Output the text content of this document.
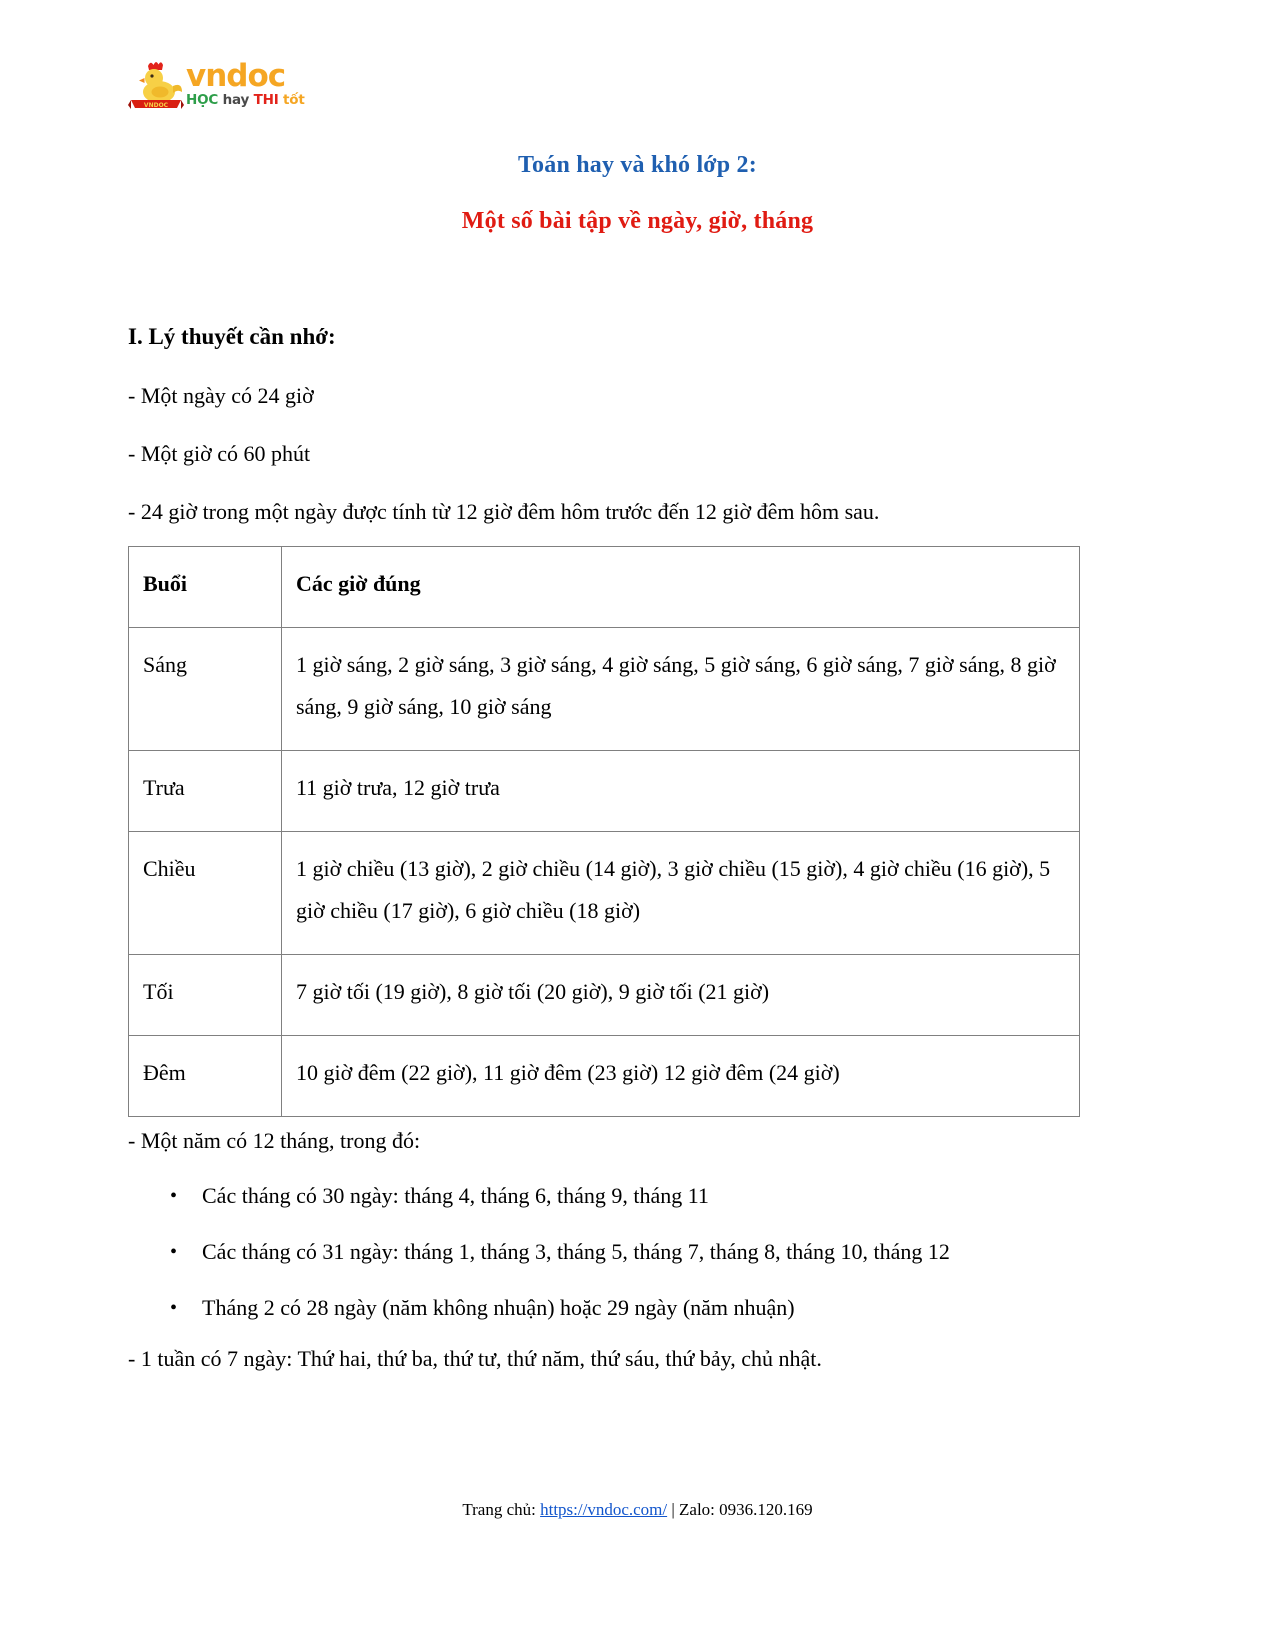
VNDOC
vndoc
HỌC hay THI tốt
Toán hay và khó lớp 2:
Một số bài tập về ngày, giờ, tháng

I. Lý thuyết cần nhớ:

- Một ngày có 24 giờ

- Một giờ có 60 phút

- 24 giờ trong một ngày được tính từ 12 giờ đêm hôm trước đến 12 giờ đêm hôm sau.

Buổi	Các giờ đúng
Sáng	1 giờ sáng, 2 giờ sáng, 3 giờ sáng, 4 giờ sáng, 5 giờ sáng, 6 giờ sáng, 7 giờ sáng, 8 giờ sáng, 9 giờ sáng, 10 giờ sáng
Trưa	11 giờ trưa, 12 giờ trưa
Chiều	1 giờ chiều (13 giờ), 2 giờ chiều (14 giờ), 3 giờ chiều (15 giờ), 4 giờ chiều (16 giờ), 5 giờ chiều (17 giờ), 6 giờ chiều (18 giờ)
Tối	7 giờ tối (19 giờ), 8 giờ tối (20 giờ), 9 giờ tối (21 giờ)
Đêm	10 giờ đêm (22 giờ), 11 giờ đêm (23 giờ) 12 giờ đêm (24 giờ)

- Một năm có 12 tháng, trong đó:

• Các tháng có 30 ngày: tháng 4, tháng 6, tháng 9, tháng 11
• Các tháng có 31 ngày: tháng 1, tháng 3, tháng 5, tháng 7, tháng 8, tháng 10, tháng 12
• Tháng 2 có 28 ngày (năm không nhuận) hoặc 29 ngày (năm nhuận)

- 1 tuần có 7 ngày: Thứ hai, thứ ba, thứ tư, thứ năm, thứ sáu, thứ bảy, chủ nhật.

Trang chủ: https://vndoc.com/ | Zalo: 0936.120.169
